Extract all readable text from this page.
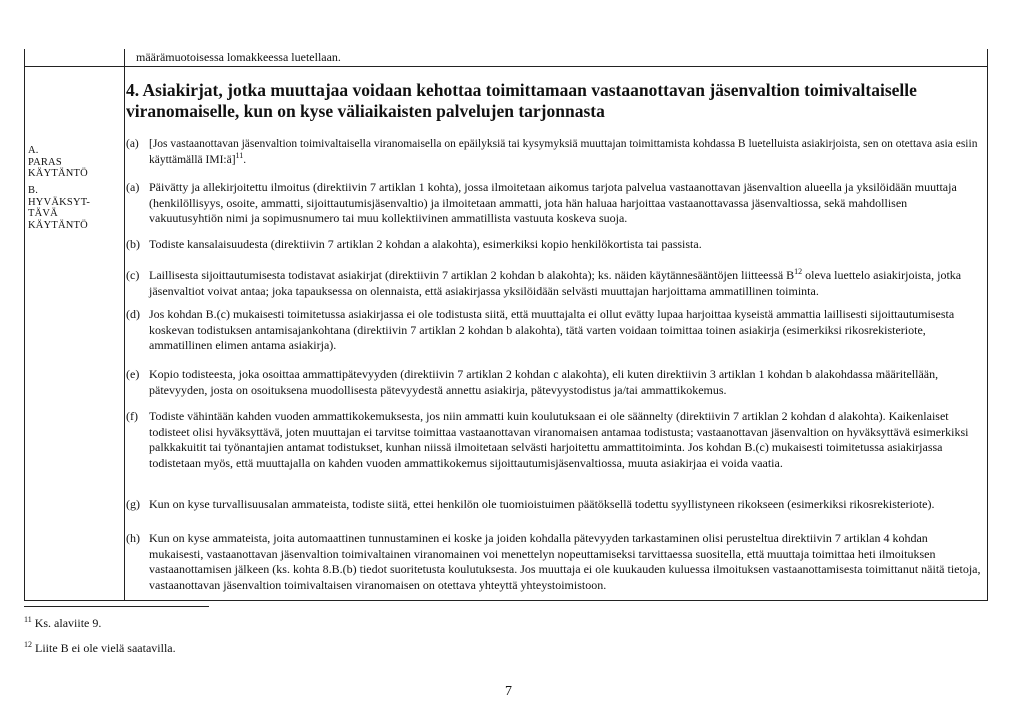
määrämuotoisessa lomakkeessa luetellaan.
4. Asiakirjat, jotka muuttajaa voidaan kehottaa toimittamaan vastaanottavan jäsenvaltion toimivaltaiselle viranomaiselle, kun on kyse väliaikaisten palvelujen tarjonnasta
A.
PARAS
KÄYTÄNTÖ
B.
HYVÄKSYT-
TÄVÄ
KÄYTÄNTÖ
(a) [Jos vastaanottavan jäsenvaltion toimivaltaisella viranomaisella on epäilyksiä tai kysymyksiä muuttajan toimittamista kohdassa B luetelluista asiakirjoista, sen on otettava asia esiin käyttämällä IMI:ä]$^{11}$.
(a) Päivätty ja allekirjoitettu ilmoitus (direktiivin 7 artiklan 1 kohta), jossa ilmoitetaan aikomus tarjota palvelua vastaanottavan jäsenvaltion alueella ja yksilöidään muuttaja (henkilöllisyys, osoite, ammatti, sijoittautumisjäsenvaltio) ja ilmoitetaan ammatti, jota hän haluaa harjoittaa vastaanottavassa jäsenvaltiossa, sekä mahdollisen vakuutusyhtiön nimi ja sopimusnumero tai muu kollektiivinen ammatillista vastuuta koskeva suoja.
(b) Todiste kansalaisuudesta (direktiivin 7 artiklan 2 kohdan a alakohta), esimerkiksi kopio henkilökortista tai passista.
(c) Laillisesta sijoittautumisesta todistavat asiakirjat (direktiivin 7 artiklan 2 kohdan b alakohta); ks. näiden käytännesääntöjen liitteessä $B^{12}$ oleva luettelo asiakirjoista, jotka jäsenvaltiot voivat antaa; joka tapauksessa on olennaista, että asiakirjassa yksilöidään selvästi muuttajan harjoittama ammatillinen toiminta.
(d) Jos kohdan B.(c) mukaisesti toimitetussa asiakirjassa ei ole todistusta siitä, että muuttajalta ei ollut evätty lupaa harjoittaa kyseistä ammattia laillisesti sijoittautumisesta koskevan todistuksen antamisajankohtana (direktiivin 7 artiklan 2 kohdan b alakohta), tätä varten voidaan toimittaa toinen asiakirja (esimerkiksi rikosrekisteriote, ammatillinen elimen antama asiakirja).
(e) Kopio todisteesta, joka osoittaa ammattipätevyyden (direktiivin 7 artiklan 2 kohdan c alakohta), eli kuten direktiivin 3 artiklan 1 kohdan b alakohdassa määritellään, pätevyyden, josta on osoituksena muodollisesta pätevyydestä annettu asiakirja, pätevyystodistus ja/tai ammattikokemus.
(f) Todiste vähintään kahden vuoden ammattikokemuksesta, jos niin ammatti kuin koulutuksaan ei ole säännelty (direktiivin 7 artiklan 2 kohdan d alakohta). Kaikenlaiset todisteet olisi hyväksyttävä, joten muuttajan ei tarvitse toimittaa vastaanottavan viranomaisen antamaa todistusta; vastaanottavan jäsenvaltion on hyväksyttävä esimerkiksi palkkakuitit tai työnantajien antamat todistukset, kunhan niissä ilmoitetaan selvästi harjoitettu ammattitoiminta. Jos kohdan B.(c) mukaisesti toimitetussa asiakirjassa todistetaan myös, että muuttajalla on kahden vuoden ammattikokemus sijoittautumisjäsenvaltiossa, muuta asiakirjaa ei voida vaatia.
(g) Kun on kyse turvallisuusalan ammateista, todiste siitä, ettei henkilön ole tuomioistuimen päätöksellä todettu syyllistyneen rikokseen (esimerkiksi rikosrekisteriote).
(h) Kun on kyse ammateista, joita automaattinen tunnustaminen ei koske ja joiden kohdalla pätevyyden tarkastaminen olisi perusteltua direktiivin 7 artiklan 4 kohdan mukaisesti, vastaanottavan jäsenvaltion toimivaltainen viranomainen voi menettelyn nopeuttamiseksi tarvittaessa suositella, että muuttaja toimittaa heti ilmoituksen vastaanottamisen jälkeen (ks. kohta 8.B.(b) tiedot suoritetusta koulutuksesta. Jos muuttaja ei ole kuukauden kuluessa ilmoituksen vastaanottamisesta toimittanut näitä tietoja, vastaanottavan jäsenvaltion toimivaltaisen viranomaisen on otettava yhteyttä yhteystoimistoon.
$^{11}$ Ks. alaviite 9.
$^{12}$ Liite B ei ole vielä saatavilla.
7
